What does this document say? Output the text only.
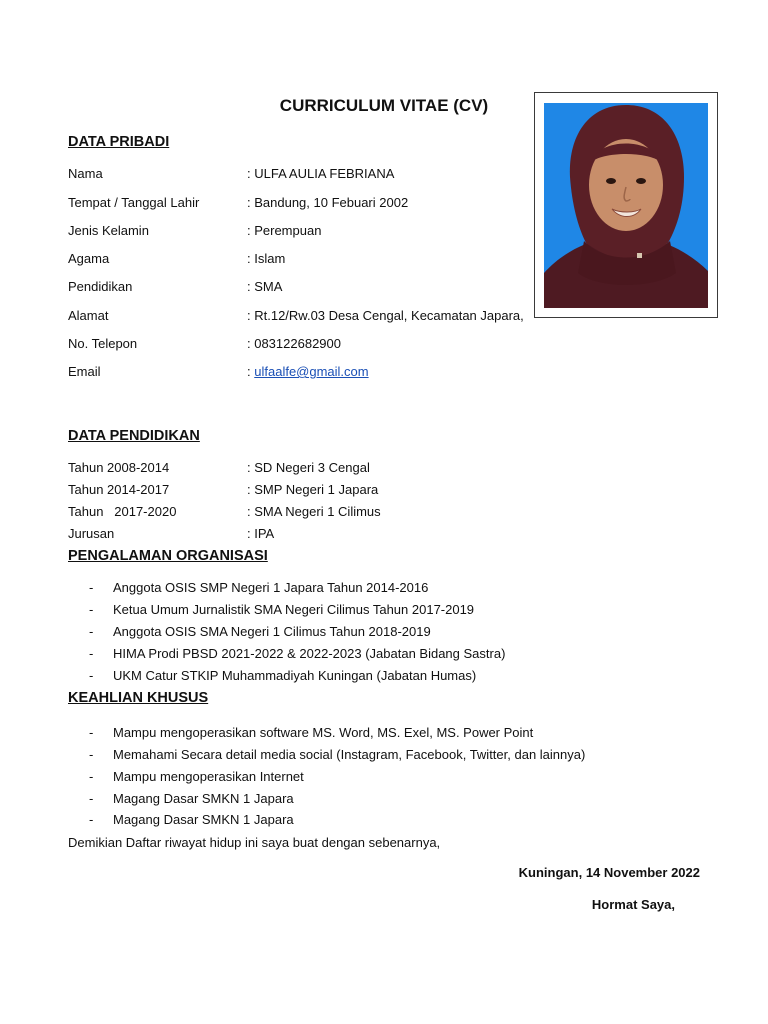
CURRICULUM VITAE (CV)
DATA PRIBADI
Nama	: ULFA AULIA FEBRIANA
Tempat / Tanggal Lahir	: Bandung, 10 Febuari 2002
Jenis Kelamin	: Perempuan
Agama	: Islam
Pendidikan	: SMA
Alamat	: Rt.12/Rw.03 Desa Cengal, Kecamatan Japara,
No. Telepon	: 083122682900
Email	: ulfaalfe@gmail.com
DATA PENDIDIKAN
Tahun 2008-2014	: SD Negeri 3 Cengal
Tahun 2014-2017	: SMP Negeri 1 Japara
Tahun   2017-2020	: SMA Negeri 1 Cilimus
Jurusan	: IPA
PENGALAMAN ORGANISASI
- Anggota OSIS SMP Negeri 1 Japara Tahun 2014-2016
- Ketua Umum Jurnalistik SMA Negeri Cilimus Tahun 2017-2019
- Anggota OSIS SMA Negeri 1 Cilimus Tahun 2018-2019
- HIMA Prodi PBSD 2021-2022 & 2022-2023 (Jabatan Bidang Sastra)
- UKM Catur STKIP Muhammadiyah Kuningan (Jabatan Humas)
KEAHLIAN KHUSUS
- Mampu mengoperasikan software MS. Word, MS. Exel, MS. Power Point
- Memahami Secara detail media social (Instagram, Facebook, Twitter, dan lainnya)
- Mampu mengoperasikan Internet
- Magang Dasar SMKN 1 Japara
- Magang Dasar SMKN 1 Japara
Demikian Daftar riwayat hidup ini saya buat dengan sebenarnya,
Kuningan, 14 November 2022
Hormat Saya,
